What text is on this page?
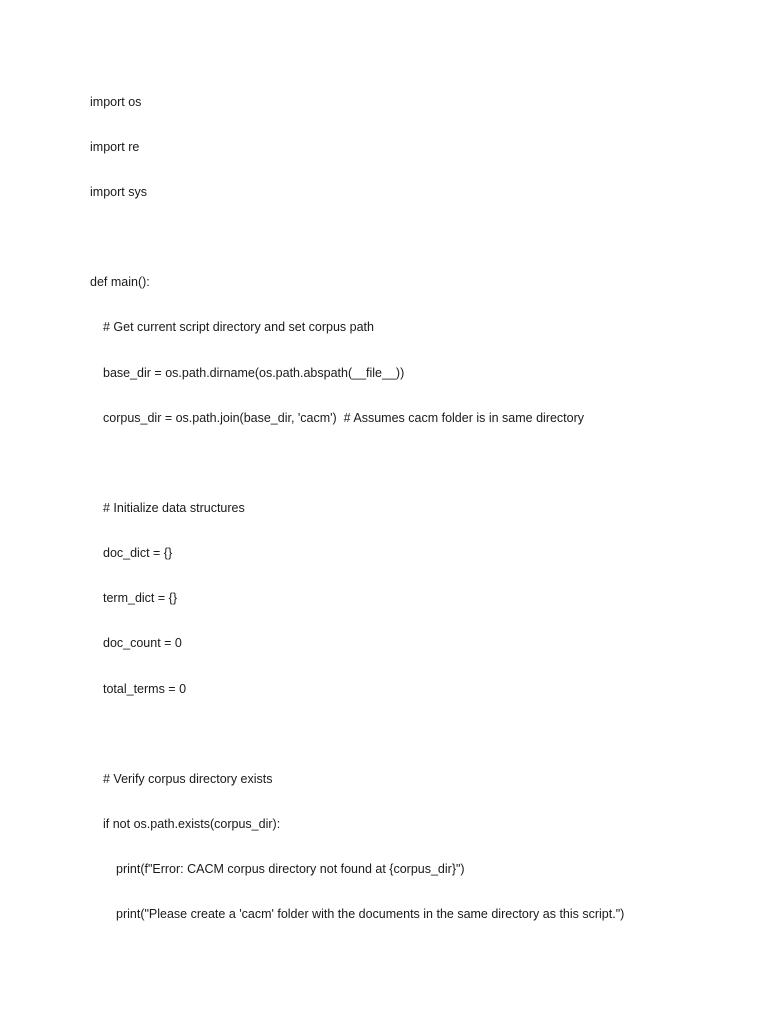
import os
import re
import sys
def main():
# Get current script directory and set corpus path
base_dir = os.path.dirname(os.path.abspath(__file__))
corpus_dir = os.path.join(base_dir, 'cacm')  # Assumes cacm folder is in same directory
# Initialize data structures
doc_dict = {}
term_dict = {}
doc_count = 0
total_terms = 0
# Verify corpus directory exists
if not os.path.exists(corpus_dir):
print(f"Error: CACM corpus directory not found at {corpus_dir}")
print("Please create a 'cacm' folder with the documents in the same directory as this script.")
